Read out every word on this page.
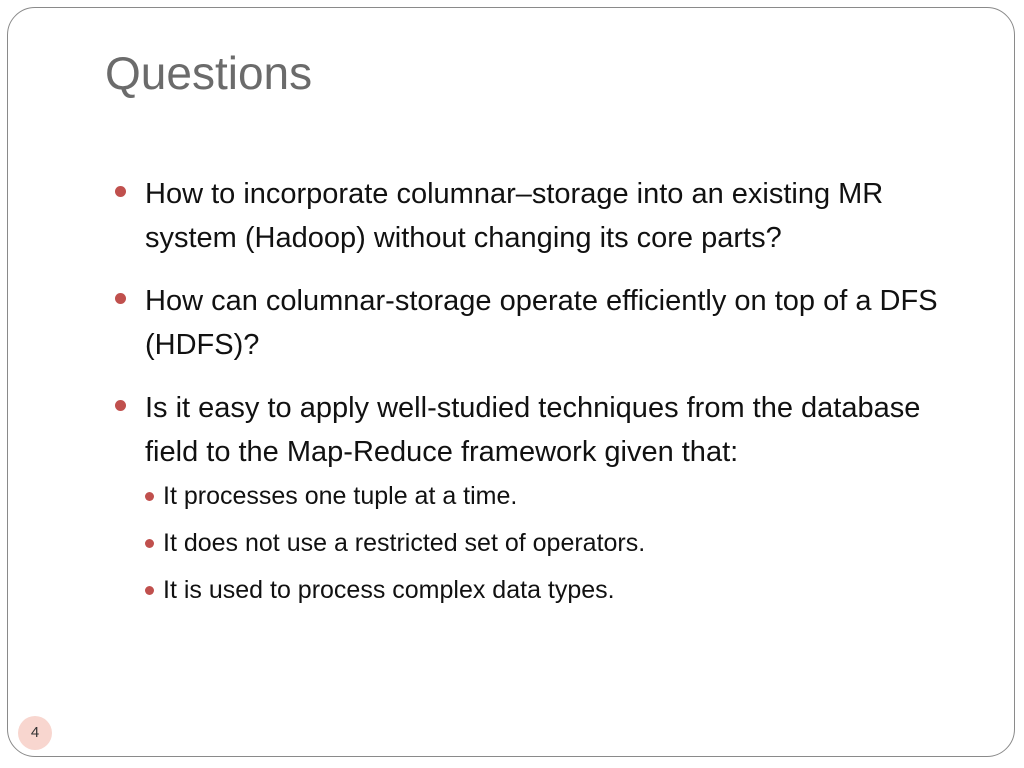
Questions
How to incorporate columnar–storage into an existing MR system (Hadoop) without changing its core parts?
How can columnar-storage operate efficiently on top of a DFS (HDFS)?
Is it easy to apply well-studied techniques from the database field to the Map-Reduce framework given that:
It processes one tuple at a time.
It does not use a restricted set of operators.
It is used to process complex data types.
4
